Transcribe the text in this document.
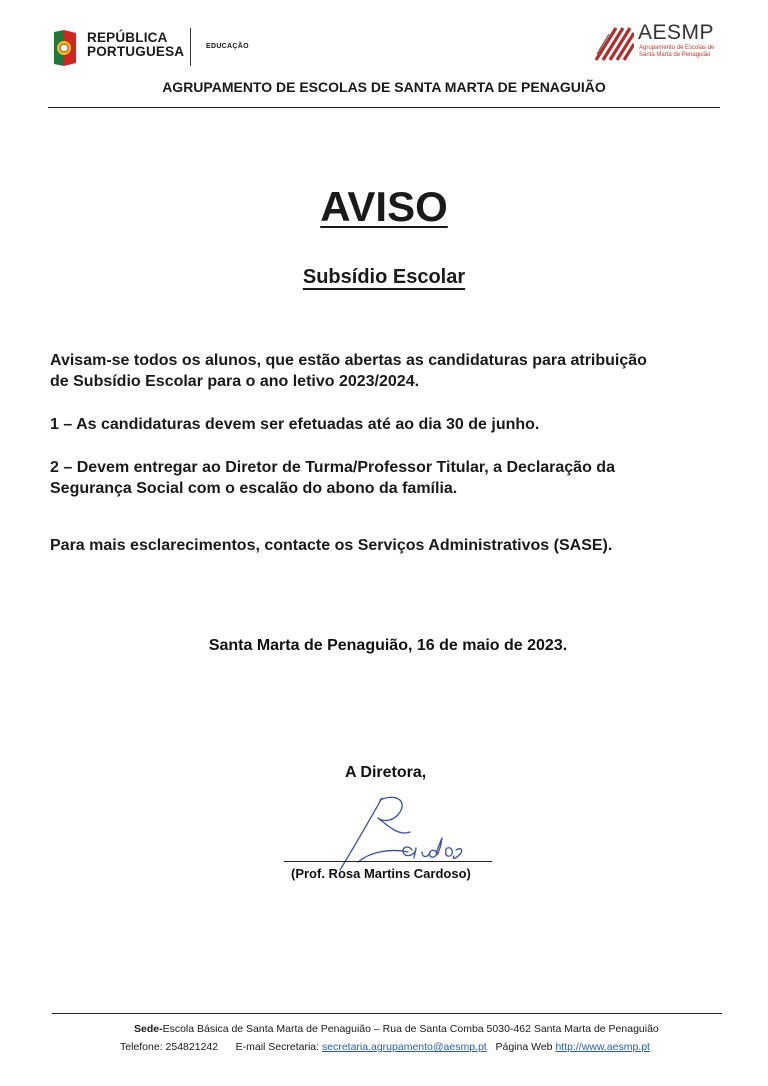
REPÚBLICA
PORTUGUESA	EDUCAÇÃO
AESMP
Agrupamento de Escolas de
Santa Marta de Penaguião
AGRUPAMENTO DE ESCOLAS DE SANTA MARTA DE PENAGUIÃO
AVISO
Subsídio Escolar
Avisam-se todos os alunos, que estão abertas as candidaturas para atribuição
de Subsídio Escolar para o ano letivo 2023/2024.
1 – As candidaturas devem ser efetuadas até ao dia 30 de junho.
2 – Devem entregar ao Diretor de Turma/Professor Titular, a Declaração da
Segurança Social com o escalão do abono da família.
Para mais esclarecimentos, contacte os Serviços Administrativos (SASE).
Santa Marta de Penaguião, 16 de maio de 2023.
A Diretora,
(Prof. Rosa Martins Cardoso)
Sede-Escola Básica de Santa Marta de Penaguião – Rua de Santa Comba 5030-462 Santa Marta de Penaguião
Telefone: 254821242 E-mail Secretaria: secretaria.agrupamento@aesmp.pt Página Web http://www.aesmp.pt
